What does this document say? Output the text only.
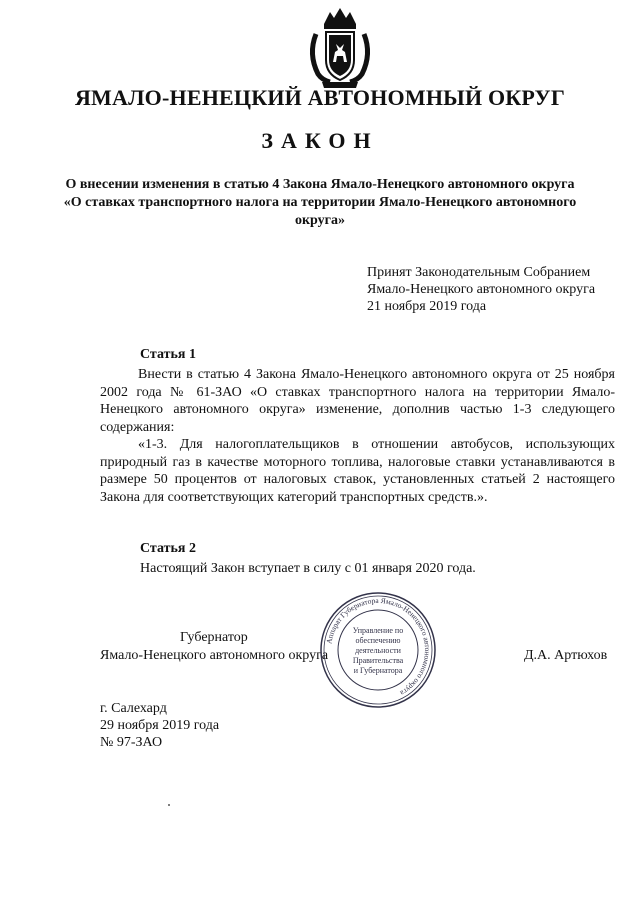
ЯМАЛО-НЕНЕЦКИЙ АВТОНОМНЫЙ ОКРУГ
ЗАКОН
О внесении изменения в статью 4 Закона Ямало-Ненецкого автономного округа «О ставках транспортного налога на территории Ямало-Ненецкого автономного округа»
Принят Законодательным Собранием
Ямало-Ненецкого автономного округа
21 ноября 2019 года
Статья 1
Внести в статью 4 Закона Ямало-Ненецкого автономного округа от 25 ноября 2002 года № 61-ЗАО «О ставках транспортного налога на территории Ямало-Ненецкого автономного округа» изменение, дополнив частью 1-3 следующего содержания:
«1-3. Для налогоплательщиков в отношении автобусов, использующих природный газ в качестве моторного топлива, налоговые ставки устанавливаются в размере 50 процентов от налоговых ставок, установленных статьей 2 настоящего Закона для соответствующих категорий транспортных средств.».
Статья 2
Настоящий Закон вступает в силу с 01 января 2020 года.
Губернатор
Ямало-Ненецкого автономного округа	Д.А. Артюхов
Аппарат Губернатора Ямало-Ненецкого автономного округа
Управление по
обеспечению
деятельности
Правительства
и Губернатора
г. Салехард
29 ноября 2019 года
№ 97-ЗАО
